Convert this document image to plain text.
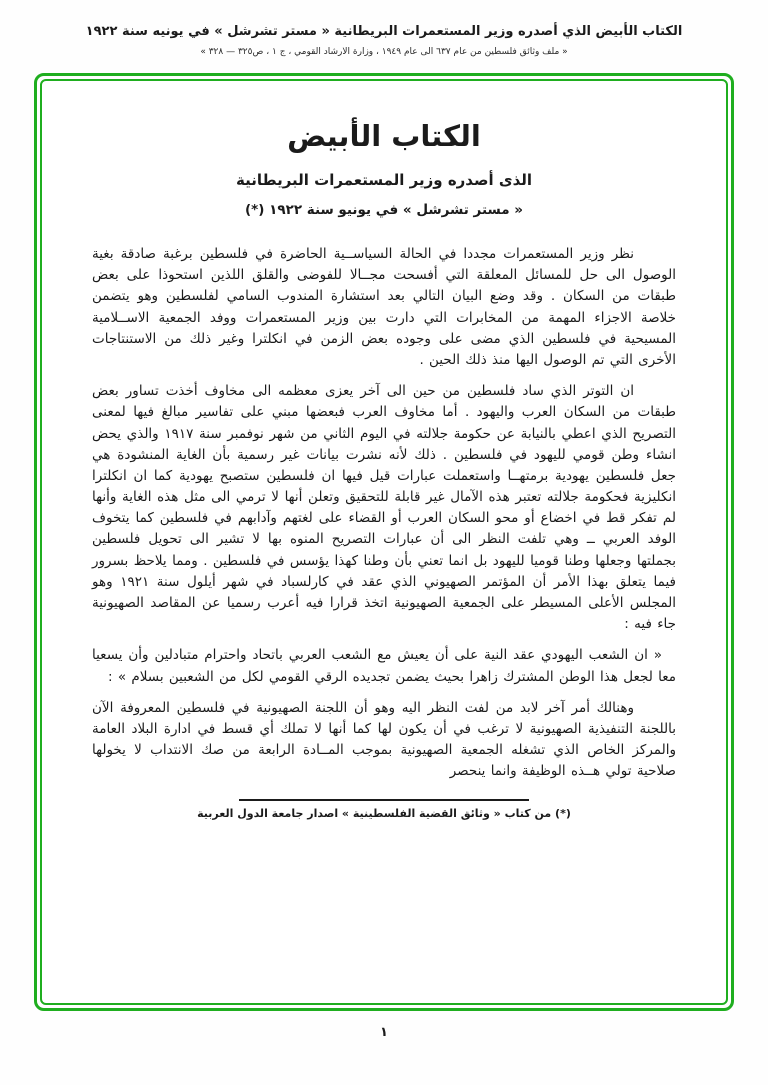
الكتاب الأبيض الذي أصدره وزير المستعمرات البريطانية « مستر تشرشل » في يونيه سنة ١٩٢٢
« ملف وثائق فلسطين من عام ٦٣٧ الى عام ١٩٤٩ ، وزارة الارشاد القومي ، ج ١ ، ص٣٢٥ — ٣٢٨ »
الكتاب الأبيض
الذى أصدره وزير المستعمرات البريطانية
« مستر تشرشل » في يونيو سنة ١٩٢٢ (*)

نظر وزير المستعمرات مجددا في الحالة السياســية الحاضرة في فلسطين برغبة صادقة بغية الوصول الى حل للمسائل المعلقة التي أفسحت مجــالا للفوضى والقلق اللذين استحوذا على بعض طبقات من السكان . وقد وضع البيان التالي بعد استشارة المندوب السامي لفلسطين وهو يتضمن خلاصة الاجزاء المهمة من المخابرات التي دارت بين وزير المستعمرات ووفد الجمعية الاســلامية المسيحية في فلسطين الذي مضى على وجوده بعض الزمن في انكلترا وغير ذلك من الاستنتاجات الأخرى التي تم الوصول اليها منذ ذلك الحين .

ان التوتر الذي ساد فلسطين من حين الى آخر يعزى معظمه الى مخاوف أخذت تساور بعض طبقات من السكان العرب واليهود . أما مخاوف العرب فبعضها مبني على تفاسير مبالغ فيها لمعنى التصريح الذي اعطي بالنيابة عن حكومة جلالته في اليوم الثاني من شهر نوفمبر سنة ١٩١٧ والذي يحض انشاء وطن قومي لليهود في فلسطين . ذلك لأنه نشرت بيانات غير رسمية بأن الغاية المنشودة هي جعل فلسطين يهودية برمتهــا واستعملت عبارات قيل فيها ان فلسطين ستصبح يهودية كما ان انكلترا انكليزية فحكومة جلالته تعتبر هذه الآمال غير قابلة للتحقيق وتعلن أنها لا ترمي الى مثل هذه الغاية وأنها لم تفكر قط في اخضاع أو محو السكان العرب أو القضاء على لغتهم وآدابهم في فلسطين كما يتخوف الوفد العربي ــ وهي تلفت النظر الى أن عبارات التصريح المنوه بها لا تشير الى تحويل فلسطين بجملتها وجعلها وطنا قوميا لليهود بل انما تعني بأن وطنا كهذا يؤسس في فلسطين . ومما يلاحظ بسرور فيما يتعلق بهذا الأمر أن المؤتمر الصهيوني الذي عقد في كارلسباد في شهر أيلول سنة ١٩٢١ وهو المجلس الأعلى المسيطر على الجمعية الصهيونية اتخذ قرارا فيه أعرب رسميا عن المقاصد الصهيونية جاء فيه :

« ان الشعب اليهودي عقد النية على أن يعيش مع الشعب العربي باتحاد واحترام متبادلين وأن يسعيا معا لجعل هذا الوطن المشترك زاهرا بحيث يضمن تجديده الرقي القومي لكل من الشعبين بسلام » :

وهنالك أمر آخر لابد من لفت النظر اليه وهو أن اللجنة الصهيونية في فلسطين المعروفة الآن باللجنة التنفيذية الصهيونية لا ترغب في أن يكون لها كما أنها لا تملك أي قسط في ادارة البلاد العامة والمركز الخاص الذي تشغله الجمعية الصهيونية بموجب المــادة الرابعة من صك الانتداب لا يخولها صلاحية تولي هــذه الوظيفة وانما ينحصر

(*) من كتاب « وثائق القضية الفلسطينية » اصدار جامعة الدول العربية
١
